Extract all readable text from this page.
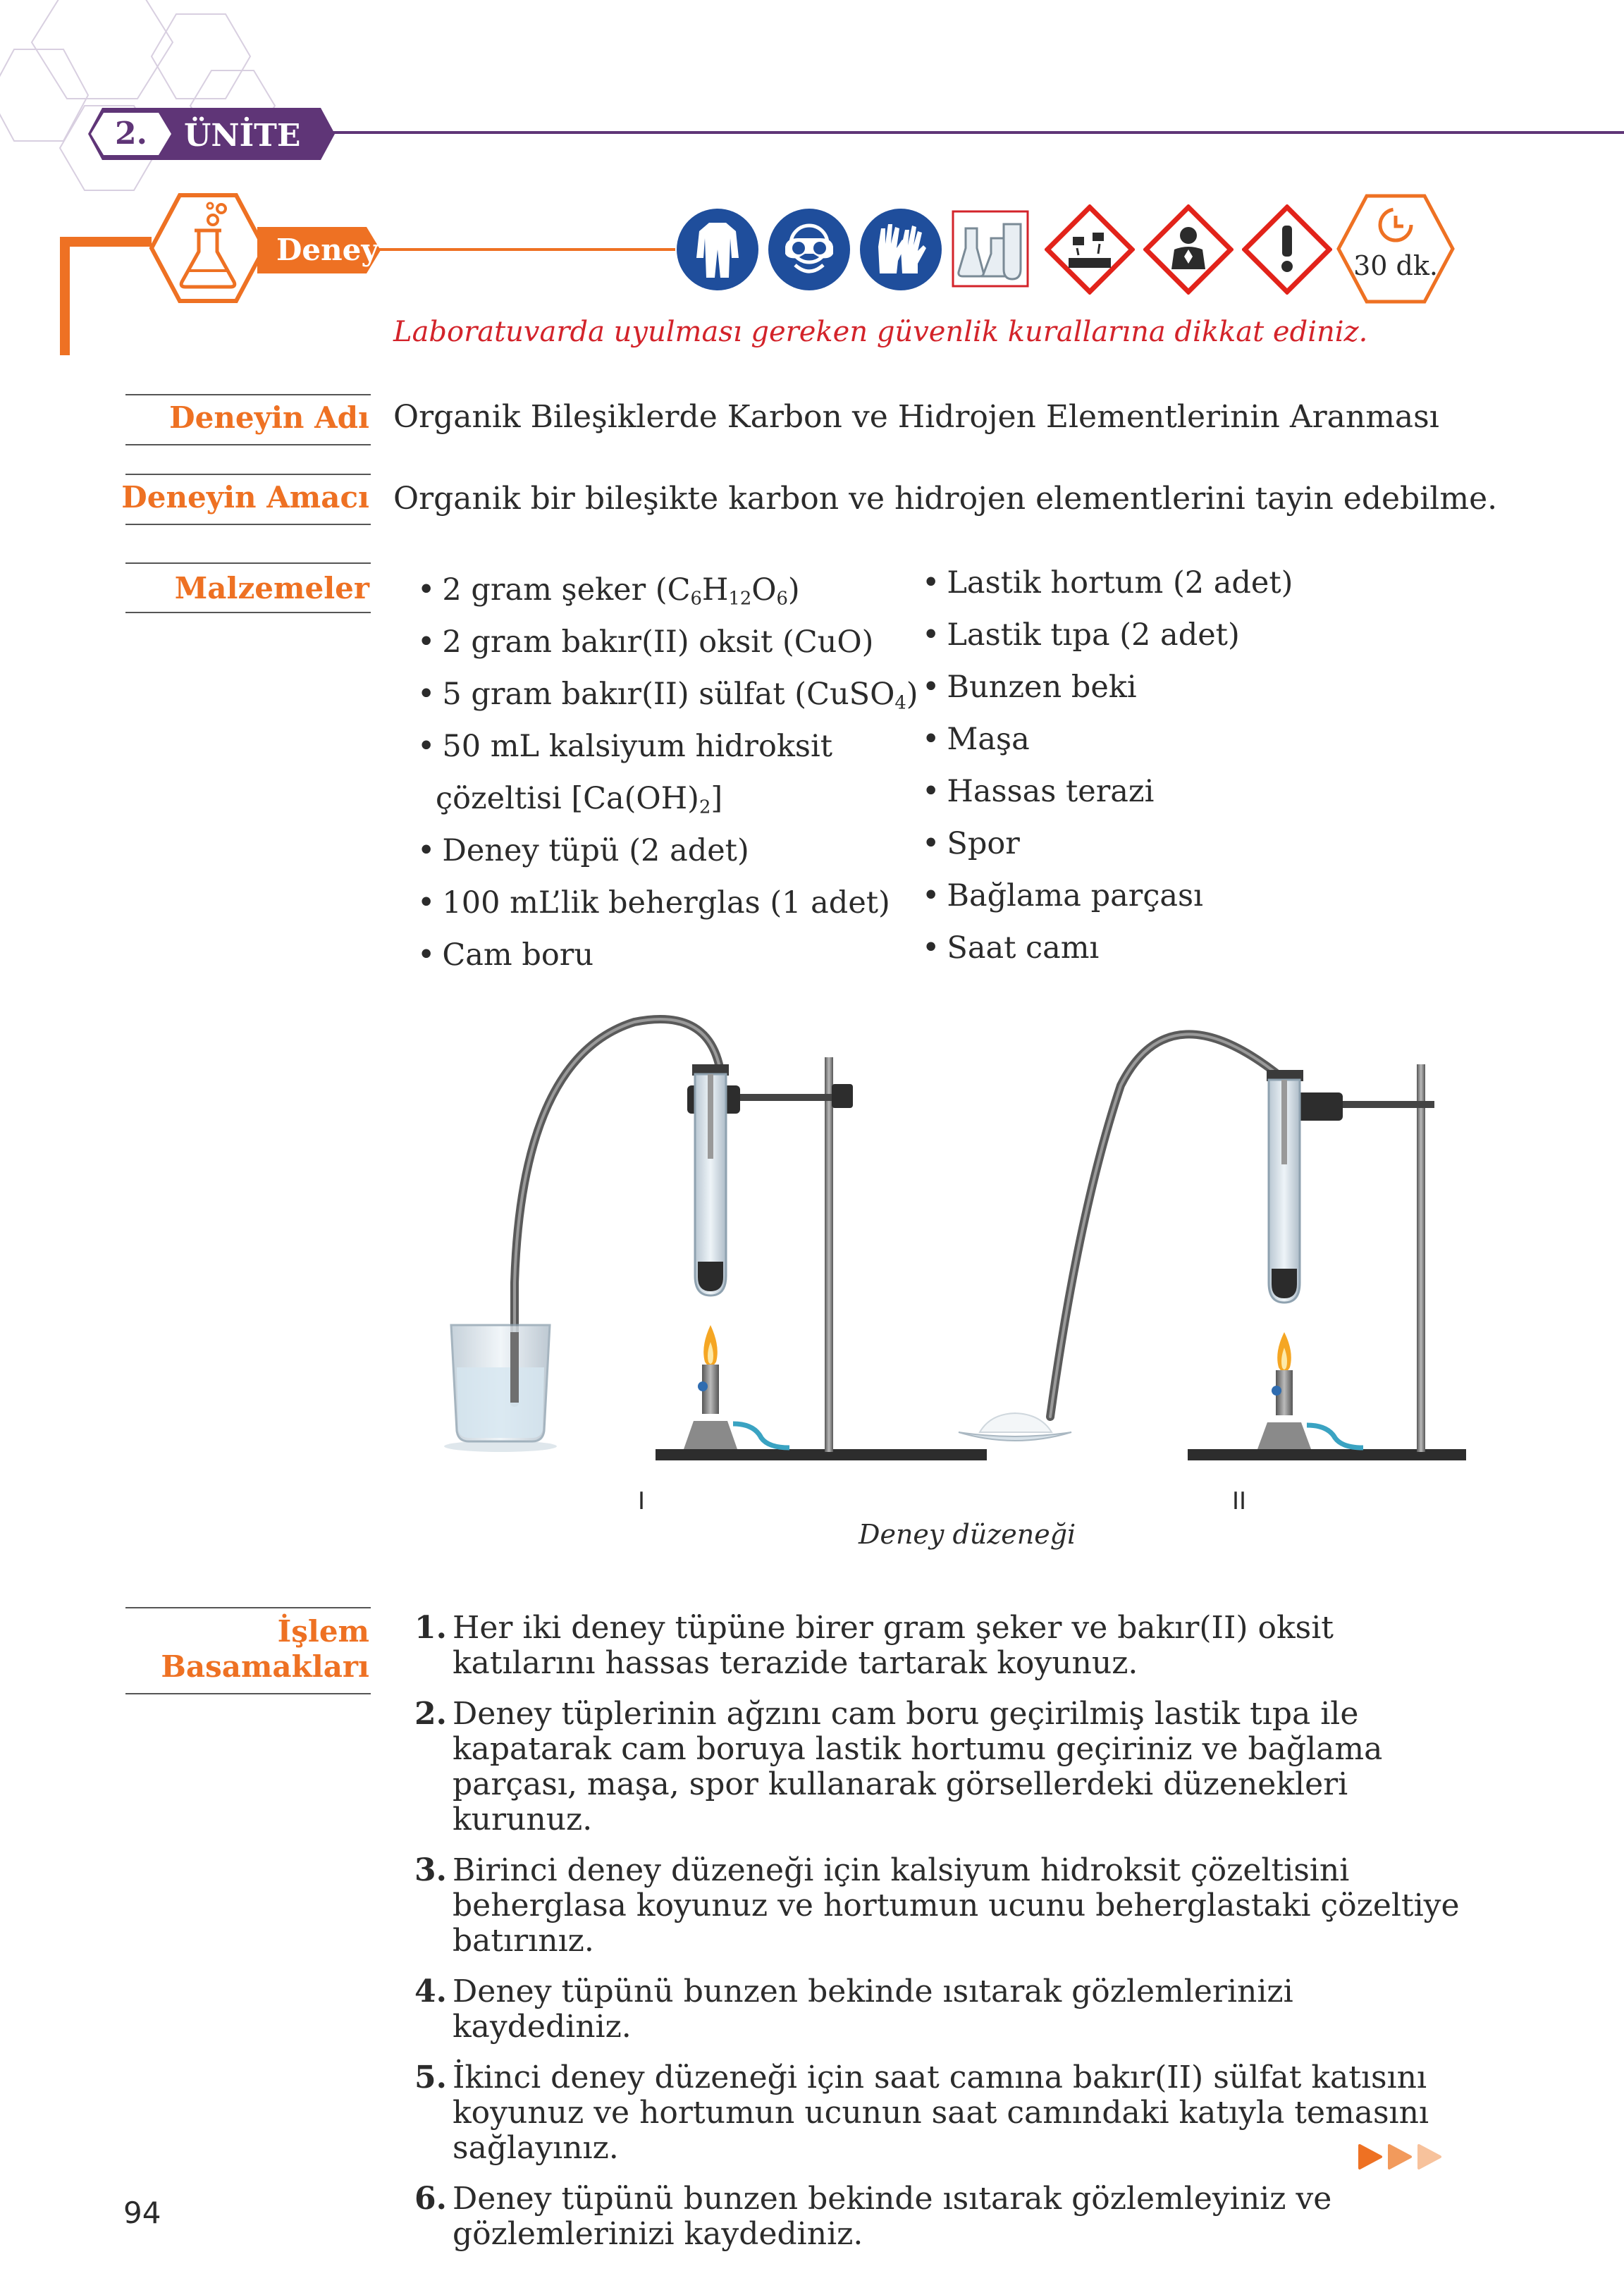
2.	ÜNİTE
Deney	30 dk.
Laboratuvarda uyulması gereken güvenlik kurallarına dikkat ediniz.
Deneyin Adı Organik Bileşiklerde Karbon ve Hidrojen Elementlerinin Aranması
Deneyin Amacı Organik bir bileşikte karbon ve hidrojen elementlerini tayin edebilme.
Malzemeler • 2 gram şeker $(C_6H_{12}O_6)$
• 2 gram bakır(II) oksit (CuO)
• 5 gram bakır(II) sülfat (CuSO$_4$)
• 50 mL kalsiyum hidroksit
çözeltisi $[Ca(OH)_2]$
• Deney tüpü (2 adet)
• 100 mL’lik beherglas (1 adet)
• Cam boru
• Lastik hortum (2 adet)
• Lastik tıpa (2 adet)
• Bunzen beki
• Maşa
• Hassas terazi
• Spor
• Bağlama parçası
• Saat camı
I	II
Deney düzeneği
İşlem
Basamakları
1. Her iki deney tüpüne birer gram şeker ve bakır(II) oksit katılarını hassas terazide tartarak koyunuz.
2. Deney tüplerinin ağzını cam boru geçirilmiş lastik tıpa ile kapatarak cam boruya lastik hortumu geçiriniz ve bağlama parçası, maşa, spor kullanarak görsellerdeki düzenekleri kurunuz.
3. Birinci deney düzeneği için kalsiyum hidroksit çözeltisini beherglasa koyunuz ve hortumun ucunu beherglastaki çözeltiye batırınız.
4. Deney tüpünü bunzen bekinde ısıtarak gözlemlerinizi kaydediniz.
5. İkinci deney düzeneği için saat camına bakır(II) sülfat katısını koyunuz ve hortumun ucunun saat camındaki katıyla temasını sağlayınız.
6. Deney tüpünü bunzen bekinde ısıtarak gözlemleyiniz ve gözlemlerinizi kaydediniz.
94
